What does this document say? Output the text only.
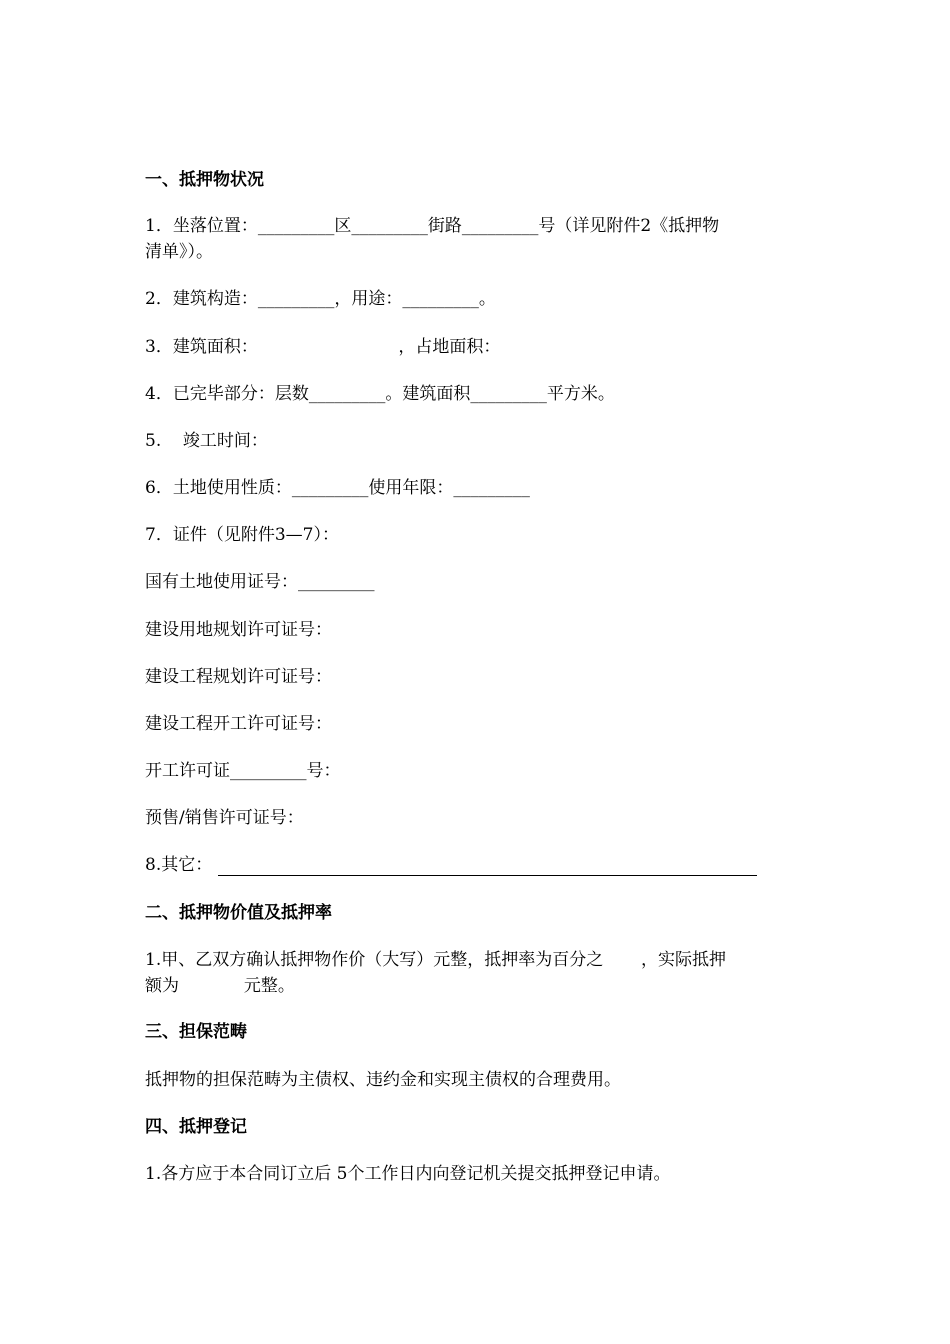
一、抵押物状况

1．坐落位置：_________区_________街路_________号（详见附件2《抵押物

清单》）。

2．建筑构造：_________，用途：_________。

3．建筑面积：                          ，占地面积：

4．已完毕部分：层数_________。建筑面积_________平方米。

5.    竣工时间：

6．土地使用性质：_________使用年限：_________

7．证件（见附件3—7）：

国有土地使用证号：_________

建设用地规划许可证号：

建设工程规划许可证号：

建设工程开工许可证号：

开工许可证_________号：

预售/销售许可证号：

8.其它：

二、抵押物价值及抵押率

1.甲、乙双方确认抵押物作价（大写）元整，抵押率为百分之       ，实际抵押

额为            元整。

三、担保范畴

抵押物的担保范畴为主债权、违约金和实现主债权的合理费用。

四、抵押登记

1.各方应于本合同订立后 5个工作日内向登记机关提交抵押登记申请。
